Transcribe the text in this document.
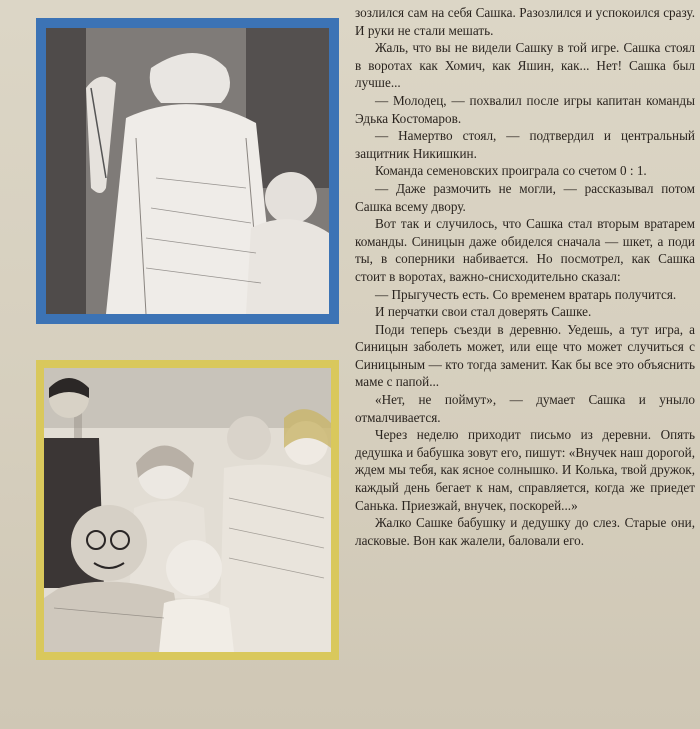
зозлился сам на себя Сашка. Разозлился и успокоился сразу. И руки не стали мешать.

Жаль, что вы не видели Сашку в той игре. Сашка стоял в воротах как Хомич, как Яшин, как... Нет! Сашка был лучше...

— Молодец, — похвалил после игры капитан команды Эдька Костомаров.

— Намертво стоял, — подтвердил и центральный защитник Никишкин.

Команда семеновских проиграла со счетом 0 : 1.

— Даже размочить не могли, — рассказывал потом Сашка всему двору.

Вот так и случилось, что Сашка стал вторым вратарем команды. Синицын даже обиделся сначала — шкет, а поди ты, в соперники набивается. Но посмотрел, как Сашка стоит в воротах, важно-снисходительно сказал:

— Прыгучесть есть. Со временем вратарь получится.

И перчатки свои стал доверять Сашке.

Поди теперь съезди в деревню. Уедешь, а тут игра, а Синицын заболеть может, или еще что может случиться с Синицыным — кто тогда заменит. Как бы все это объяснить маме с папой...

«Нет, не поймут», — думает Сашка и уныло отмалчивается.

Через неделю приходит письмо из деревни. Опять дедушка и бабушка зовут его, пишут: «Внучек наш дорогой, ждем мы тебя, как ясное солнышко. И Колька, твой дружок, каждый день бегает к нам, справляется, когда же приедет Санька. Приезжай, внучек, поскорей...»

Жалко Сашке бабушку и дедушку до слез. Старые они, ласковые. Вон как жалели, баловали его.
